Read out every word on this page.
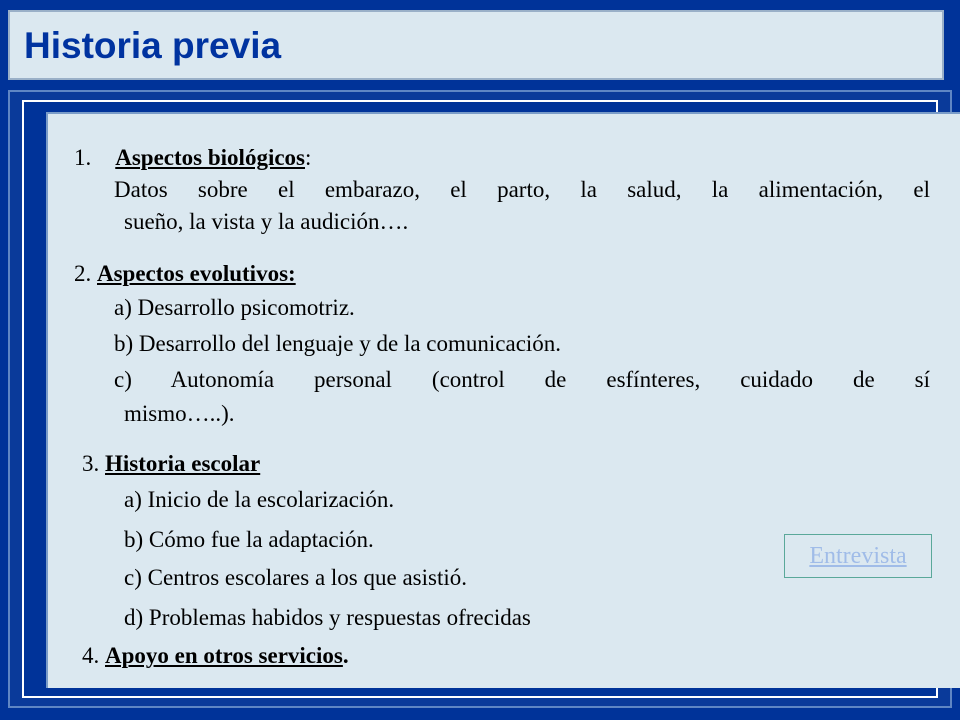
Historia previa
1. Aspectos biológicos:
Datos sobre el embarazo, el parto, la salud, la alimentación, el
sueño, la vista y la audición….
2. Aspectos evolutivos:
a) Desarrollo psicomotriz.
b) Desarrollo del lenguaje y de la comunicación.
c) Autonomía personal (control de esfínteres, cuidado de sí
mismo…..).
3. Historia escolar
a) Inicio de la escolarización.
b) Cómo fue la adaptación.
c) Centros escolares a los que asistió.
d) Problemas habidos y respuestas ofrecidas
4. Apoyo en otros servicios.
Entrevista
